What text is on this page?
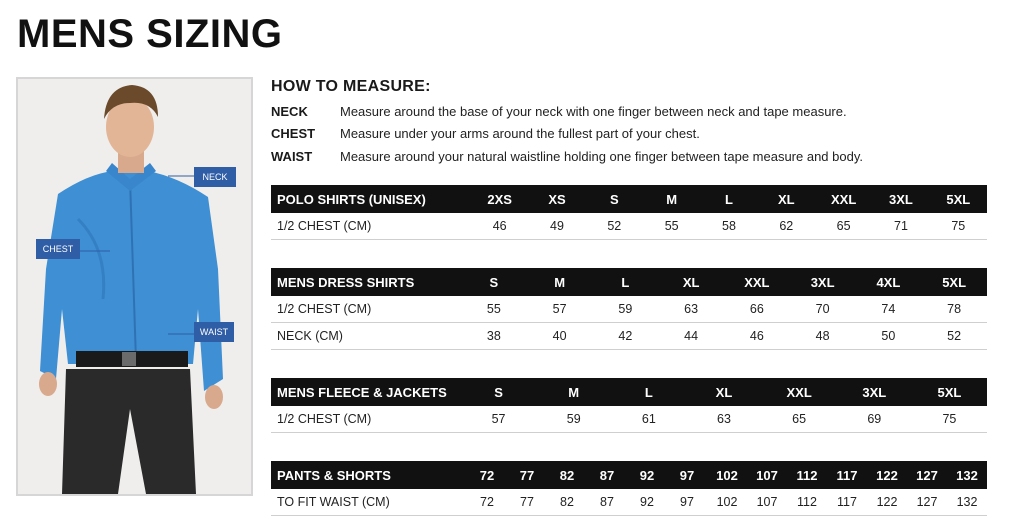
MENS SIZING
NECK
CHEST
WAIST
HOW TO MEASURE:
NECK	Measure around the base of your neck with one finger between neck and tape measure.
CHEST	Measure under your arms around the fullest part of your chest.
WAIST	Measure around your natural waistline holding one finger between tape measure and body.
POLO SHIRTS (UNISEX)	2XS	XS	S	M	L	XL	XXL	3XL	5XL
1/2 CHEST (CM)	46	49	52	55	58	62	65	71	75
MENS DRESS SHIRTS	S	M	L	XL	XXL	3XL	4XL	5XL
1/2 CHEST (CM)	55	57	59	63	66	70	74	78
NECK (CM)	38	40	42	44	46	48	50	52
MENS FLEECE & JACKETS	S	M	L	XL	XXL	3XL	5XL
1/2 CHEST (CM)	57	59	61	63	65	69	75
PANTS & SHORTS	72	77	82	87	92	97	102	107	112	117	122	127	132
TO FIT WAIST (CM)	72	77	82	87	92	97	102	107	112	117	122	127	132
